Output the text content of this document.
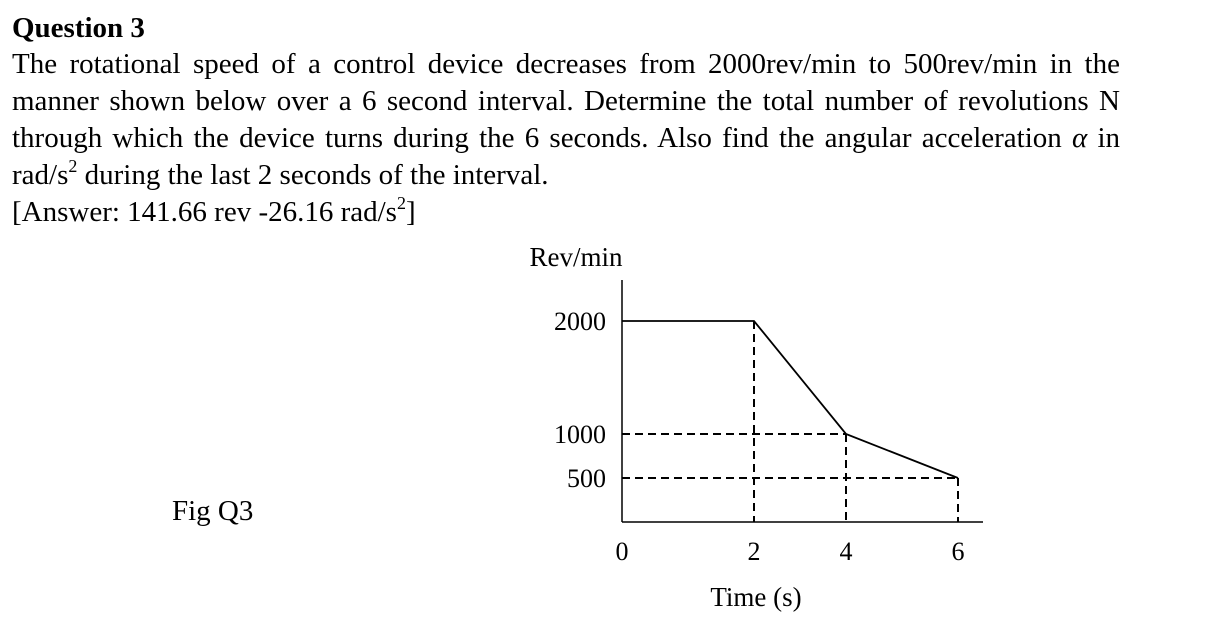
Question 3

The rotational speed of a control device decreases from 2000rev/min to 500rev/min in the manner shown below over a 6 second interval. Determine the total number of revolutions N through which the device turns during the 6 seconds. Also find the angular acceleration α in rad/$s^2$ during the last 2 seconds of the interval.

[Answer: 141.66 rev -26.16 rad/$s^2$]

Fig Q3
2000
1000
500
0	2	4	6
Rev/min
Time (s)
